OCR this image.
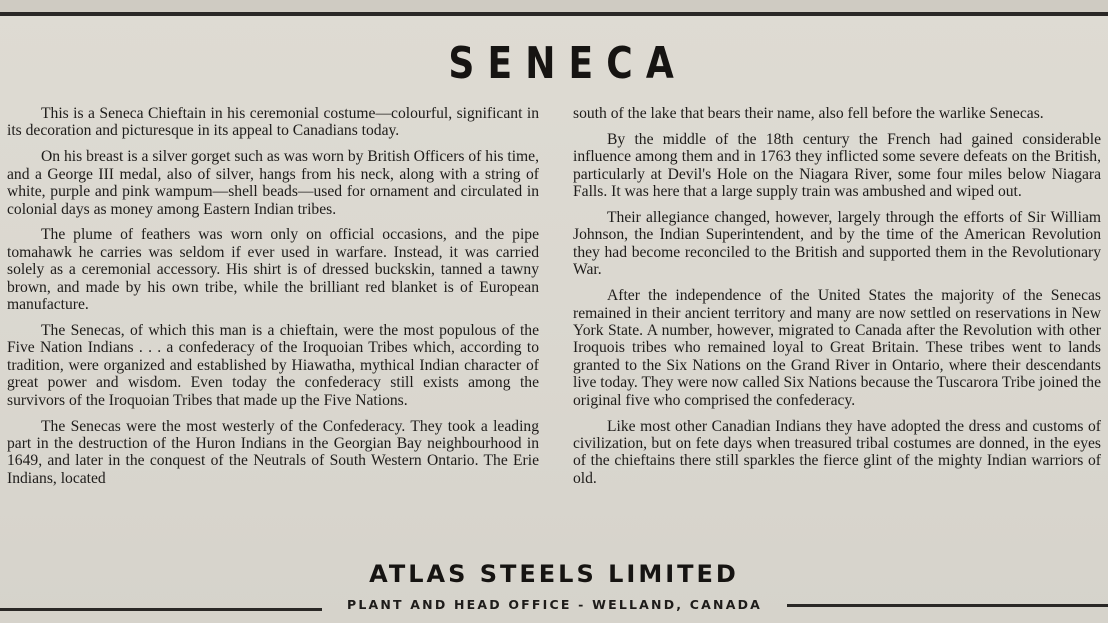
SENECA

This is a Seneca Chieftain in his ceremonial costume—colourful, significant in its decoration and picturesque in its appeal to Canadians today.

On his breast is a silver gorget such as was worn by British Officers of his time, and a George III medal, also of silver, hangs from his neck, along with a string of white, purple and pink wampum—shell beads—used for ornament and circulated in colonial days as money among Eastern Indian tribes.

The plume of feathers was worn only on official occasions, and the pipe tomahawk he carries was seldom if ever used in warfare. Instead, it was carried solely as a ceremonial accessory. His shirt is of dressed buckskin, tanned a tawny brown, and made by his own tribe, while the brilliant red blanket is of European manufacture.

The Senecas, of which this man is a chieftain, were the most populous of the Five Nation Indians . . . a confederacy of the Iroquoian Tribes which, according to tradition, were organized and established by Hiawatha, mythical Indian character of great power and wisdom. Even today the confederacy still exists among the survivors of the Iroquoian Tribes that made up the Five Nations.

The Senecas were the most westerly of the Confederacy. They took a leading part in the destruction of the Huron Indians in the Georgian Bay neighbourhood in 1649, and later in the conquest of the Neutrals of South Western Ontario. The Erie Indians, located

south of the lake that bears their name, also fell before the warlike Senecas.

By the middle of the 18th century the French had gained considerable influence among them and in 1763 they inflicted some severe defeats on the British, particularly at Devil's Hole on the Niagara River, some four miles below Niagara Falls. It was here that a large supply train was ambushed and wiped out.

Their allegiance changed, however, largely through the efforts of Sir William Johnson, the Indian Superintendent, and by the time of the American Revolution they had become reconciled to the British and supported them in the Revolutionary War.

After the independence of the United States the majority of the Senecas remained in their ancient territory and many are now settled on reservations in New York State. A number, however, migrated to Canada after the Revolution with other Iroquois tribes who remained loyal to Great Britain. These tribes went to lands granted to the Six Nations on the Grand River in Ontario, where their descendants live today. They were now called Six Nations because the Tuscarora Tribe joined the original five who comprised the confederacy.

Like most other Canadian Indians they have adopted the dress and customs of civilization, but on fete days when treasured tribal costumes are donned, in the eyes of the chieftains there still sparkles the fierce glint of the mighty Indian warriors of old.

ATLAS STEELS LIMITED
PLANT AND HEAD OFFICE - WELLAND, CANADA
